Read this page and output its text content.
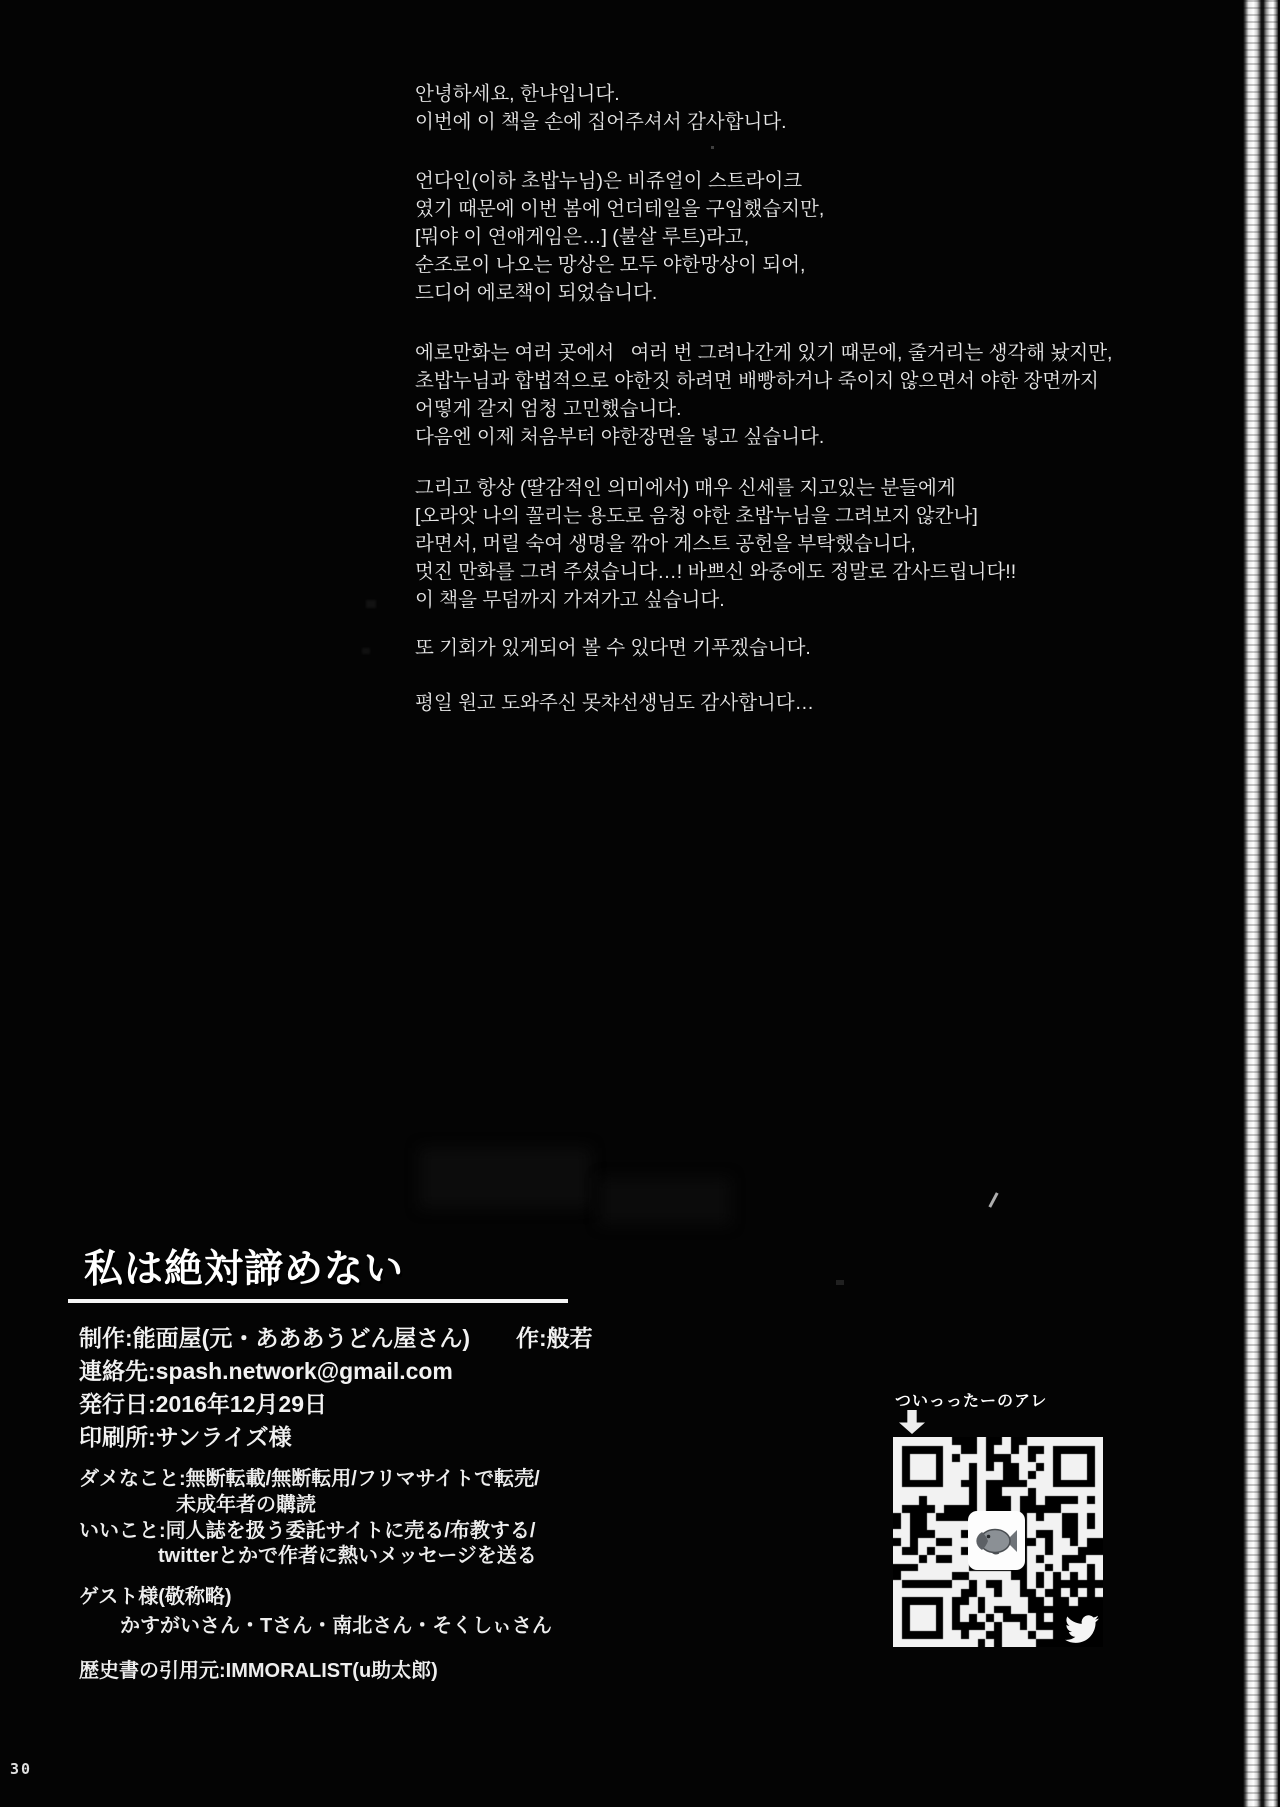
안녕하세요, 한냐입니다.
이번에 이 책을 손에 집어주셔서 감사합니다.
언다인(이하 초밥누님)은 비쥬얼이 스트라이크
였기 때문에 이번 봄에 언더테일을 구입했습지만,
[뭐야 이 연애게임은…] (불살 루트)라고,
순조로이 나오는 망상은 모두 야한망상이 되어,
드디어 에로책이 되었습니다.
에로만화는 여러 곳에서   여러 번 그려나간게 있기 때문에, 줄거리는 생각해 놨지만,
초밥누님과 합법적으로 야한짓 하려면 배빵하거나 죽이지 않으면서 야한 장면까지
어떻게 갈지 엄청 고민했습니다.
다음엔 이제 처음부터 야한장면을 넣고 싶습니다.
그리고 항상 (딸감적인 의미에서) 매우 신세를 지고있는 분들에게
[오라앗 나의 꼴리는 용도로 음청 야한 초밥누님을 그려보지 않칸나]
라면서, 머릴 숙여 생명을 깎아 게스트 공헌을 부탁했습니다,
멋진 만화를 그려 주셨습니다…! 바쁘신 와중에도 정말로 감사드립니다!!
이 책을 무덤까지 가져가고 싶습니다.
또 기회가 있게되어 볼 수 있다면 기푸겠습니다.
평일 원고 도와주신 못챠선생님도 감사합니다…
私は絶対諦めない
制作:能面屋(元・あああうどん屋さん)　　作:般若
連絡先:spash.network@gmail.com
発行日:2016年12月29日
印刷所:サンライズ様
ダメなこと:無断転載/無断転用/フリマサイトで転売/
未成年者の購読
いいこと:同人誌を扱う委託サイトに売る/布教する/
twitterとかで作者に熱いメッセージを送る
ゲスト様(敬称略)
かすがいさん・Tさん・南北さん・そくしぃさん
歴史書の引用元:IMMORALIST(u助太郎)
ついっったーのアレ
30
